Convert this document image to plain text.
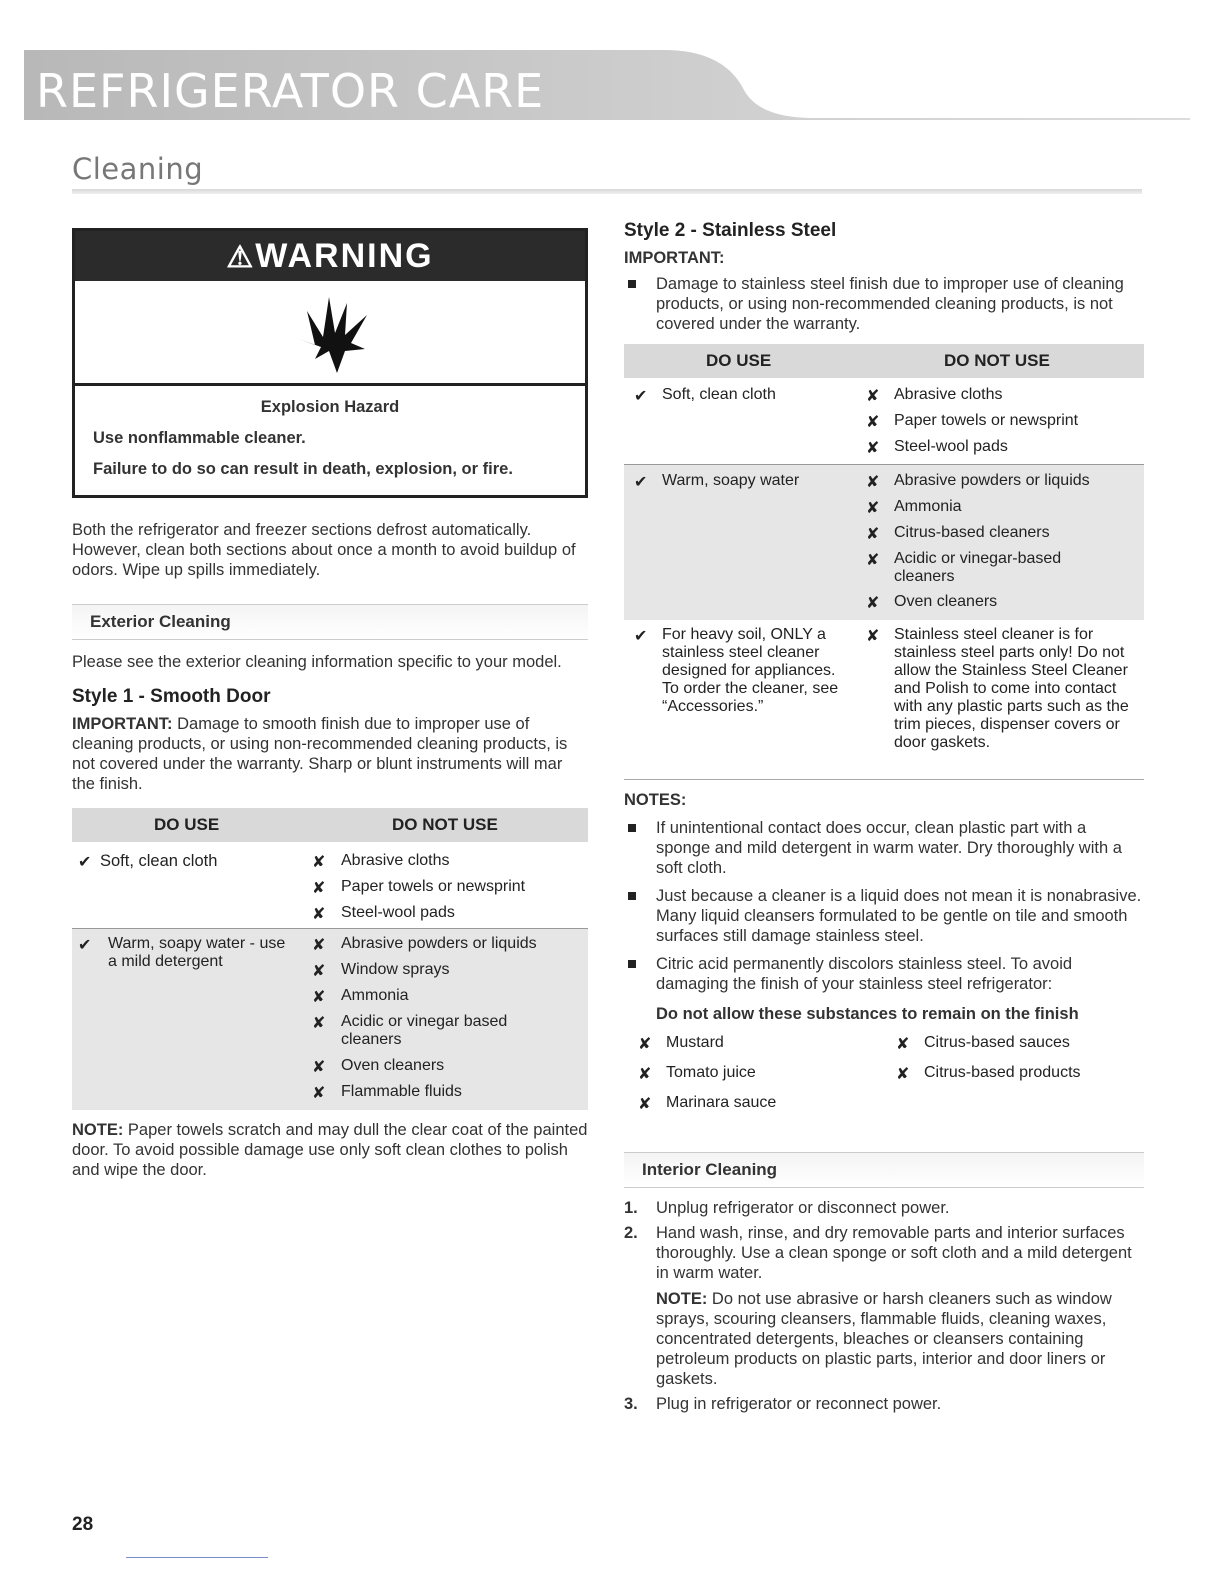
REFRIGERATOR CARE
Cleaning
⚠WARNING
Explosion Hazard

Use nonflammable cleaner.

Failure to do so can result in death, explosion, or fire.

Both the refrigerator and freezer sections defrost automatically. However, clean both sections about once a month to avoid buildup of odors. Wipe up spills immediately.

Exterior Cleaning

Please see the exterior cleaning information specific to your model.

Style 1 - Smooth Door

IMPORTANT: Damage to smooth finish due to improper use of cleaning products, or using non-recommended cleaning products, is not covered under the warranty. Sharp or blunt instruments will mar the finish.

DO USE	DO NOT USE
✔ Soft, clean cloth	✘ Abrasive cloths
✘ Paper towels or newsprint
✘ Steel-wool pads
✔ Warm, soapy water - use a mild detergent
✘ Abrasive powders or liquids
✘ Window sprays
✘ Ammonia
✘ Acidic or vinegar based cleaners
✘ Oven cleaners
✘ Flammable fluids

NOTE: Paper towels scratch and may dull the clear coat of the painted door. To avoid possible damage use only soft clean clothes to polish and wipe the door.

Style 2 - Stainless Steel

IMPORTANT:

Damage to stainless steel finish due to improper use of cleaning products, or using non-recommended cleaning products, is not covered under the warranty.
DO USE	DO NOT USE
✔ Soft, clean cloth	✘ Abrasive cloths
✘ Paper towels or newsprint
✘ Steel-wool pads
✔ Warm, soapy water	✘ Abrasive powders or liquids
✘ Ammonia
✘ Citrus-based cleaners
✘ Acidic or vinegar-based cleaners
✘ Oven cleaners
✔ For heavy soil, ONLY a stainless steel cleaner designed for appliances. To order the cleaner, see “Accessories.”
✘ Stainless steel cleaner is for stainless steel parts only! Do not allow the Stainless Steel Cleaner and Polish to come into contact with any plastic parts such as the trim pieces, dispenser covers or door gaskets.

NOTES:

If unintentional contact does occur, clean plastic part with a sponge and mild detergent in warm water. Dry thoroughly with a soft cloth.
Just because a cleaner is a liquid does not mean it is nonabrasive. Many liquid cleansers formulated to be gentle on tile and smooth surfaces still damage stainless steel.
Citric acid permanently discolors stainless steel. To avoid damaging the finish of your stainless steel refrigerator:

Do not allow these substances to remain on the finish

✘ Mustard
✘ Tomato juice
✘ Marinara sauce
✘ Citrus-based sauces
✘ Citrus-based products
Interior Cleaning
1. Unplug refrigerator or disconnect power.
2. Hand wash, rinse, and dry removable parts and interior surfaces thoroughly. Use a clean sponge or soft cloth and a mild detergent in warm water.

NOTE: Do not use abrasive or harsh cleaners such as window sprays, scouring cleansers, flammable fluids, cleaning waxes, concentrated detergents, bleaches or cleansers containing petroleum products on plastic parts, interior and door liners or gaskets.

3. Plug in refrigerator or reconnect power.
28
